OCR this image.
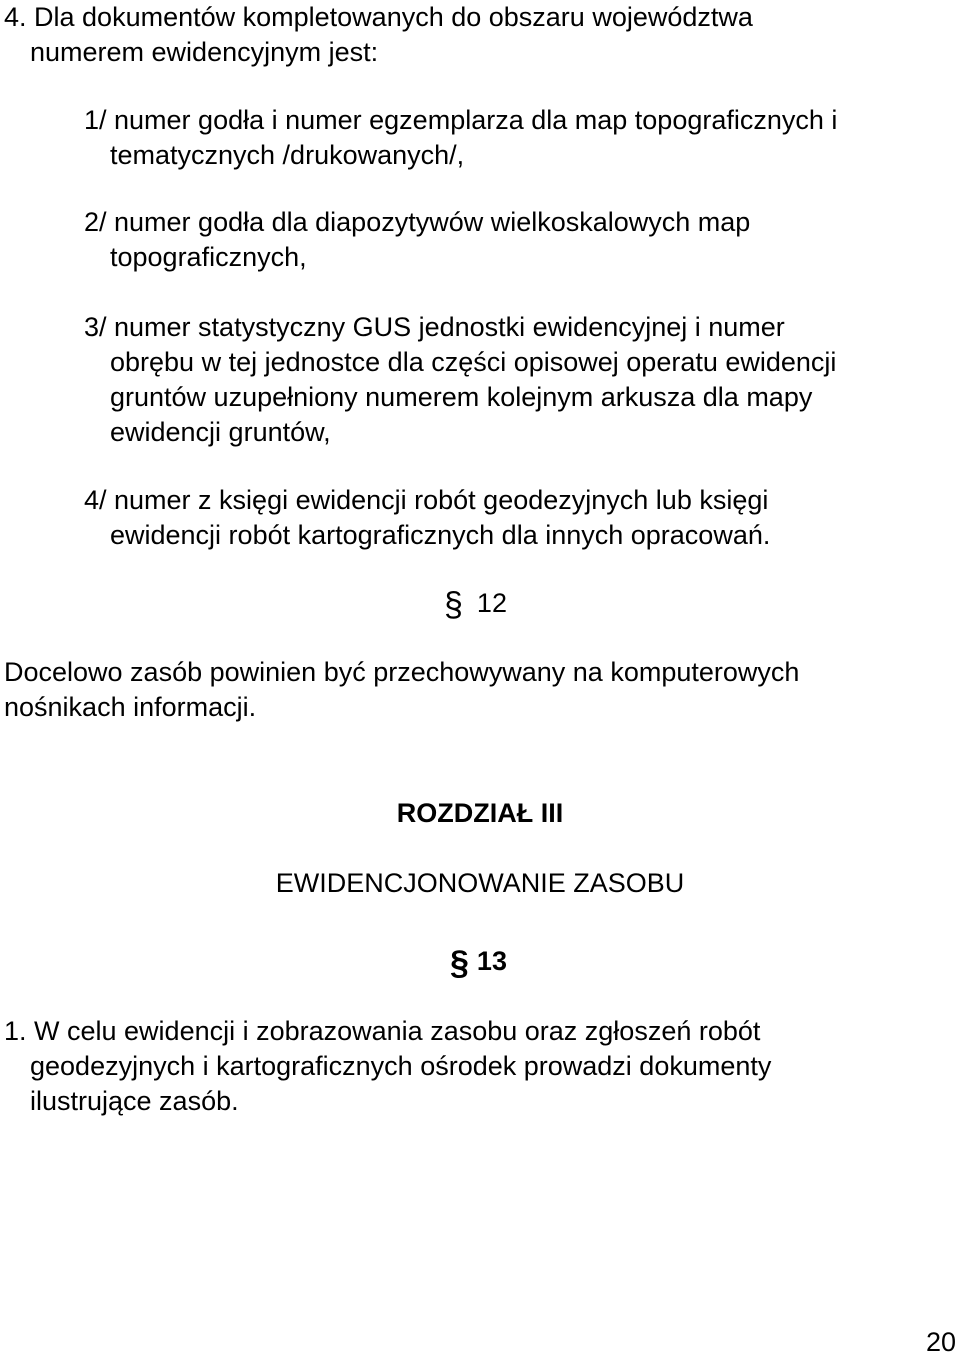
4. Dla dokumentów kompletowanych do obszaru województwa
numerem ewidencyjnym jest:
1/ numer godła i numer egzemplarza dla map topograficznych i
tematycznych /drukowanych/,
2/ numer godła dla diapozytywów wielkoskalowych map
topograficznych,
3/ numer statystyczny GUS jednostki ewidencyjnej i numer
obrębu w tej jednostce dla części opisowej operatu ewidencji
gruntów uzupełniony numerem kolejnym arkusza dla mapy
ewidencji gruntów,
4/ numer z księgi ewidencji robót geodezyjnych lub księgi
ewidencji robót kartograficznych dla innych opracowań.
§ 12
Docelowo zasób powinien być przechowywany na komputerowych
nośnikach informacji.
ROZDZIAŁ III
EWIDENCJONOWANIE ZASOBU
§ 13
1. W celu ewidencji i zobrazowania zasobu oraz zgłoszeń robót
geodezyjnych i kartograficznych ośrodek prowadzi dokumenty
ilustrujące zasób.
20
